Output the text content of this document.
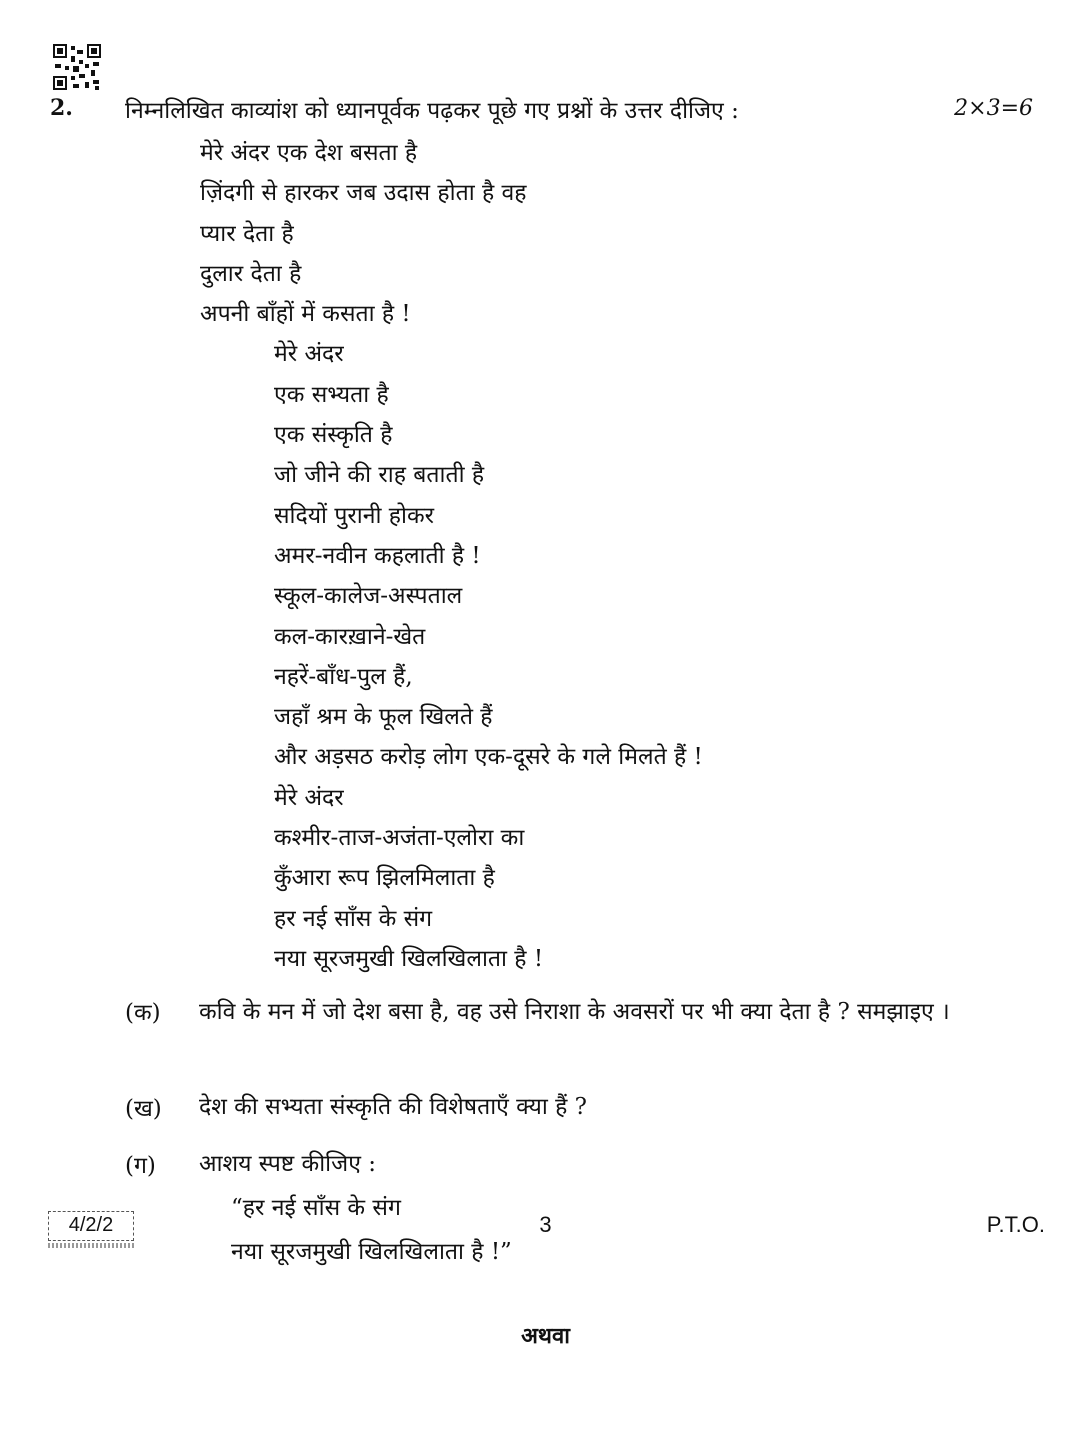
2. निम्नलिखित काव्यांश को ध्यानपूर्वक पढ़कर पूछे गए प्रश्नों के उत्तर दीजिए :	2×3=6
मेरे अंदर एक देश बसता है
ज़िंदगी से हारकर जब उदास होता है वह
प्यार देता है
दुलार देता है
अपनी बाँहों में कसता है !
मेरे अंदर
एक सभ्यता है
एक संस्कृति है
जो जीने की राह बताती है
सदियों पुरानी होकर
अमर-नवीन कहलाती है !
स्कूल-कालेज-अस्पताल
कल-कारख़ाने-खेत
नहरें-बाँध-पुल हैं,
जहाँ श्रम के फूल खिलते हैं
और अड़सठ करोड़ लोग एक-दूसरे के गले मिलते हैं !
मेरे अंदर
कश्मीर-ताज-अजंता-एलोरा का
कुँआरा रूप झिलमिलाता है
हर नई साँस के संग
नया सूरजमुखी खिलखिलाता है !
(क) कवि के मन में जो देश बसा है, वह उसे निराशा के अवसरों पर भी क्या देता है ? समझाइए ।
(ख) देश की सभ्यता संस्कृति की विशेषताएँ क्या हैं ?
(ग) आशय स्पष्ट कीजिए :
“हर नई साँस के संग
नया सूरजमुखी खिलखिलाता है !”
अथवा
4/2/2	3	P.T.O.
